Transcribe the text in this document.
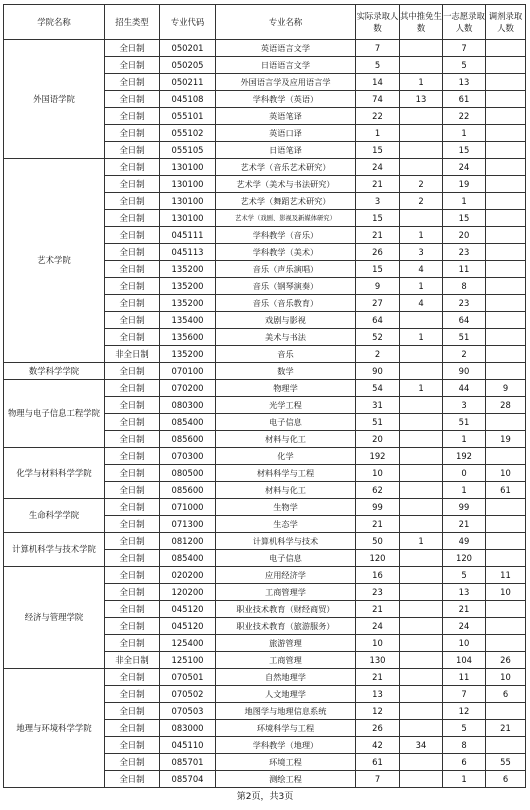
学院名称	招生类型	专业代码	专业名称	实际录取人数	其中推免生数	一志愿录取人数	调剂录取人数
外国语学院	全日制	050201	英语语言文学	7		7	
	全日制	050205	日语语言文学	5		5	
	全日制	050211	外国语言学及应用语言学	14	1	13	
	全日制	045108	学科教学（英语）	74	13	61	
	全日制	055101	英语笔译	22		22	
	全日制	055102	英语口译	1		1	
	全日制	055105	日语笔译	15		15	
艺术学院	全日制	130100	艺术学（音乐艺术研究）	24		24	
	全日制	130100	艺术学（美术与书法研究）	21	2	19	
	全日制	130100	艺术学（舞蹈艺术研究）	3	2	1	
	全日制	130100	艺术学（戏剧、影视及新媒体研究）	15		15	
	全日制	045111	学科教学（音乐）	21	1	20	
	全日制	045113	学科教学（美术）	26	3	23	
	全日制	135200	音乐（声乐演唱）	15	4	11	
	全日制	135200	音乐（钢琴演奏）	9	1	8	
	全日制	135200	音乐（音乐教育）	27	4	23	
	全日制	135400	戏剧与影视	64		64	
	全日制	135600	美术与书法	52	1	51	
	非全日制	135200	音乐	2		2	
数学科学学院	全日制	070100	数学	90		90	
物理与电子信息工程学院	全日制	070200	物理学	54	1	44	9
	全日制	080300	光学工程	31		3	28
	全日制	085400	电子信息	51		51	
	全日制	085600	材料与化工	20		1	19
化学与材料科学学院	全日制	070300	化学	192		192	
	全日制	080500	材料科学与工程	10		0	10
	全日制	085600	材料与化工	62		1	61
生命科学学院	全日制	071000	生物学	99		99	
	全日制	071300	生态学	21		21	
计算机科学与技术学院	全日制	081200	计算机科学与技术	50	1	49	
	全日制	085400	电子信息	120		120	
经济与管理学院	全日制	020200	应用经济学	16		5	11
	全日制	120200	工商管理学	23		13	10
	全日制	045120	职业技术教育（财经商贸）	21		21	
	全日制	045120	职业技术教育（旅游服务）	24		24	
	全日制	125400	旅游管理	10		10	
	非全日制	125100	工商管理	130		104	26
地理与环境科学学院	全日制	070501	自然地理学	21		11	10
	全日制	070502	人文地理学	13		7	6
	全日制	070503	地图学与地理信息系统	12		12	
	全日制	083000	环境科学与工程	26		5	21
	全日制	045110	学科教学（地理）	42	34	8	
	全日制	085701	环境工程	61		6	55
	全日制	085704	测绘工程	7		1	6
第2页，共3页
